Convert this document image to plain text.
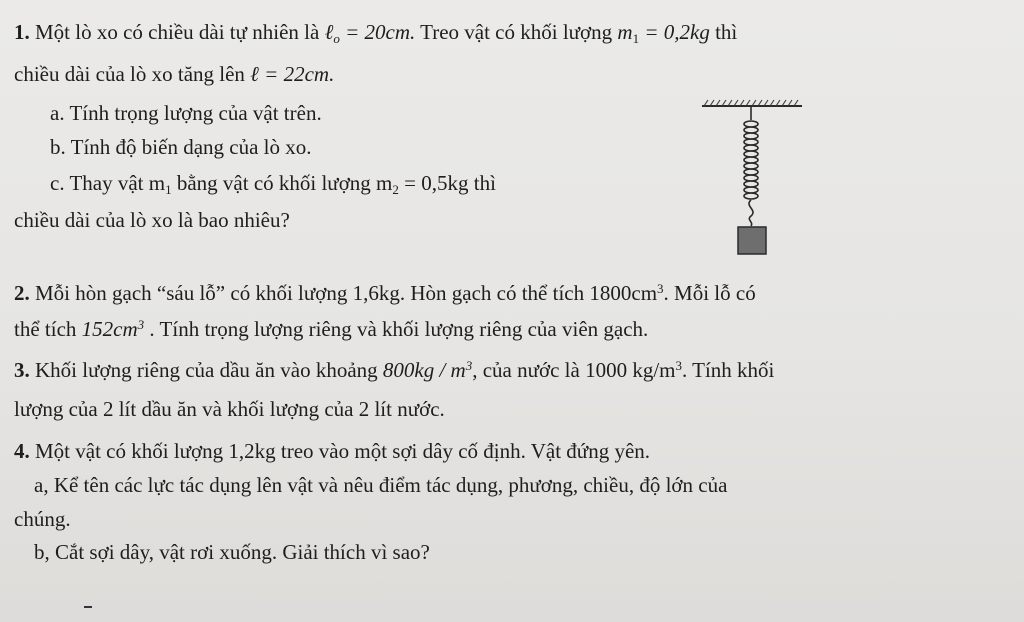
1. Một lò xo có chiều dài tự nhiên là ℓ$_o$ = 20cm. Treo vật có khối lượng $m_1 = 0,2kg$ thì
chiều dài của lò xo tăng lên ℓ = 22cm.
a. Tính trọng lượng của vật trên.
b. Tính độ biến dạng của lò xo.
c. Thay vật $m_1$ bằng vật có khối lượng $m_2 = 0,5kg$ thì
chiều dài của lò xo là bao nhiêu?
2. Mỗi hòn gạch “sáu lỗ” có khối lượng 1,6kg. Hòn gạch có thể tích $1800cm^3$. Mỗi lỗ có
thể tích $152cm^3$ . Tính trọng lượng riêng và khối lượng riêng của viên gạch.
3. Khối lượng riêng của dầu ăn vào khoảng $800kg / m^3$, của nước là 1000 $kg/m^3$. Tính khối
lượng của 2 lít dầu ăn và khối lượng của 2 lít nước.
4. Một vật có khối lượng 1,2kg treo vào một sợi dây cố định. Vật đứng yên.
a, Kể tên các lực tác dụng lên vật và nêu điểm tác dụng, phương, chiều, độ lớn của
chúng.
b, Cắt sợi dây, vật rơi xuống. Giải thích vì sao?
